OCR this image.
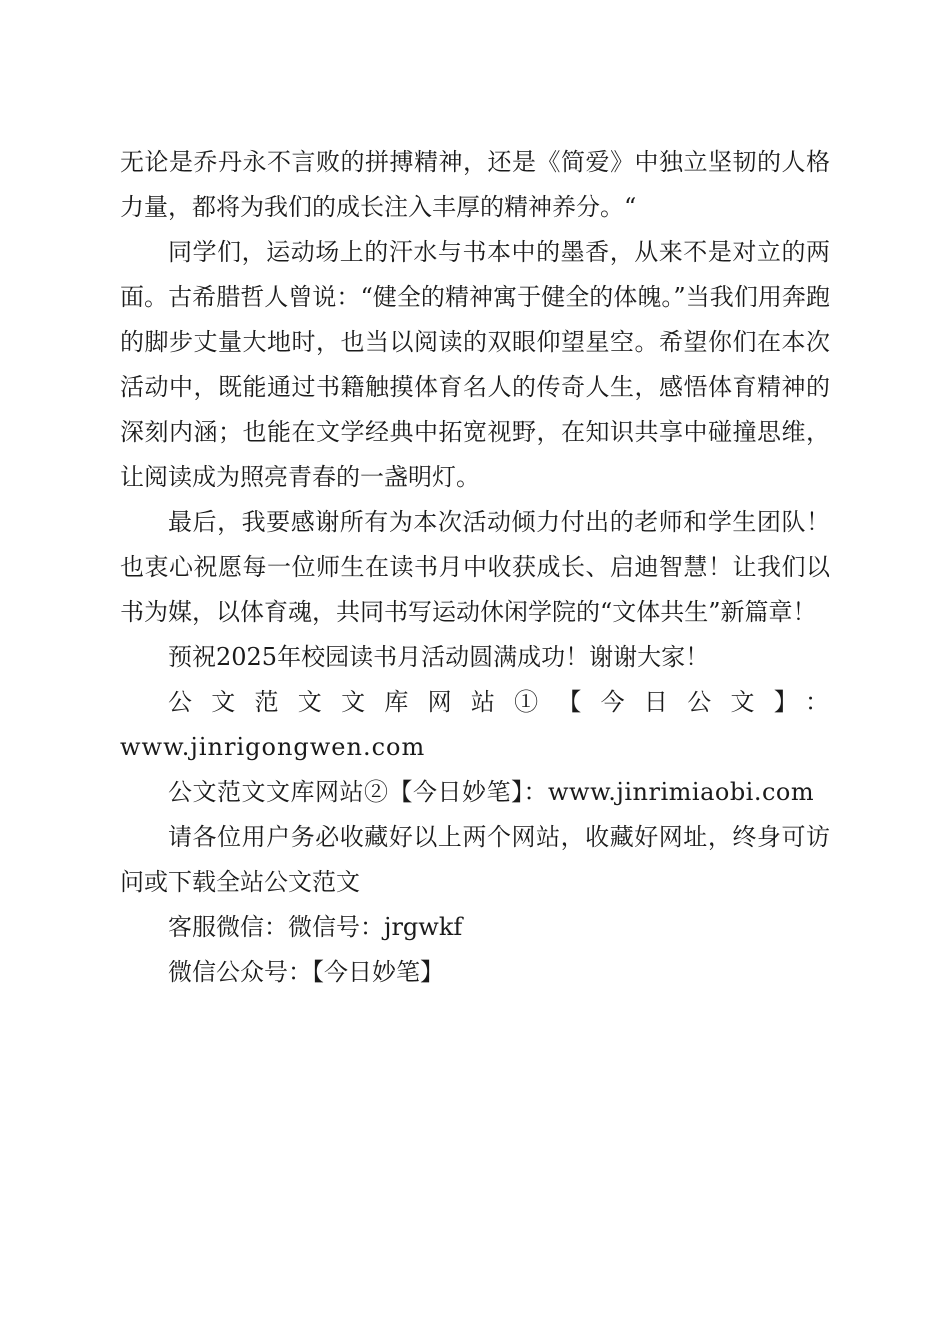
无论是乔丹永不言败的拼搏精神，还是《简爱》中独立坚韧的人格力量，都将为我们的成长注入丰厚的精神养分。“

同学们，运动场上的汗水与书本中的墨香，从来不是对立的两面。古希腊哲人曾说：“健全的精神寓于健全的体魄。”当我们用奔跑的脚步丈量大地时，也当以阅读的双眼仰望星空。希望你们在本次活动中，既能通过书籍触摸体育名人的传奇人生，感悟体育精神的深刻内涵；也能在文学经典中拓宽视野，在知识共享中碰撞思维，让阅读成为照亮青春的一盏明灯。

最后，我要感谢所有为本次活动倾力付出的老师和学生团队！也衷心祝愿每一位师生在读书月中收获成长、启迪智慧！让我们以书为媒，以体育魂，共同书写运动休闲学院的“文体共生”新篇章！

预祝2025年校园读书月活动圆满成功！谢谢大家！

公文范文文库网站①【今日公文】：www.jinrigongwen.com

公文范文文库网站②【今日妙笔】：www.jinrimiaobi.com

请各位用户务必收藏好以上两个网站，收藏好网址，终身可访问或下载全站公文范文

客服微信：微信号：jrgwkf

微信公众号：【今日妙笔】
